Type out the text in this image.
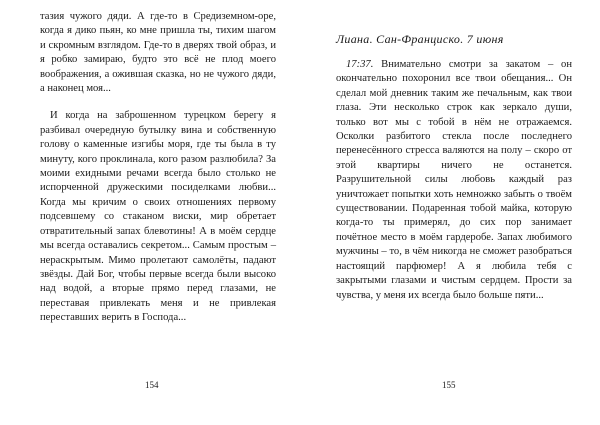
тазия чужого дяди. А где-то в Средиземном-оре, когда я дико пьян, ко мне пришла ты, тихим шагом и скромным взглядом. Где-то в дверях твой образ, и я робко замираю, будто это всё не плод моего воображения, а ожившая сказка, но не чужого дяди, а наконец моя...

И когда на заброшенном турецком берегу я разбивал очередную бутылку вина и собственную голову о каменные изгибы моря, где ты была в ту минуту, кого проклинала, кого разом разлюбила? За моими ехидными речами всегда было столько не испорченной дружескими посиделками любви... Когда мы кричим о своих отношениях первому подсевшему со стаканом виски, мир обретает отвратительный запах блевотины! А в моём сердце мы всегда оставались секретом... Самым простым – нераскрытым. Мимо пролетают самолёты, падают звёзды. Дай Бог, чтобы первые всегда были высоко над водой, а вторые прямо перед глазами, не переставая привлекать меня и не привлекая переставших верить в Господа...

154
Лиана. Сан-Франциско. 7 июня

17:37. Внимательно смотри за закатом – он окончательно похоронил все твои обещания... Он сделал мой дневник таким же печальным, как твои глаза. Эти несколько строк как зеркало души, только вот мы с тобой в нём не отражаемся. Осколки разбитого стекла после последнего перенесённого стресса валяются на полу – скоро от этой квартиры ничего не останется. Разрушительной силы любовь каждый раз уничтожает попытки хоть немножко забыть о твоём существовании. Подаренная тобой майка, которую когда-то ты примерял, до сих пор занимает почётное место в моём гардеробе. Запах любимого мужчины – то, в чём никогда не сможет разобраться настоящий парфюмер! А я любила тебя с закрытыми глазами и чистым сердцем. Прости за чувства, у меня их всегда было больше пяти...

155
